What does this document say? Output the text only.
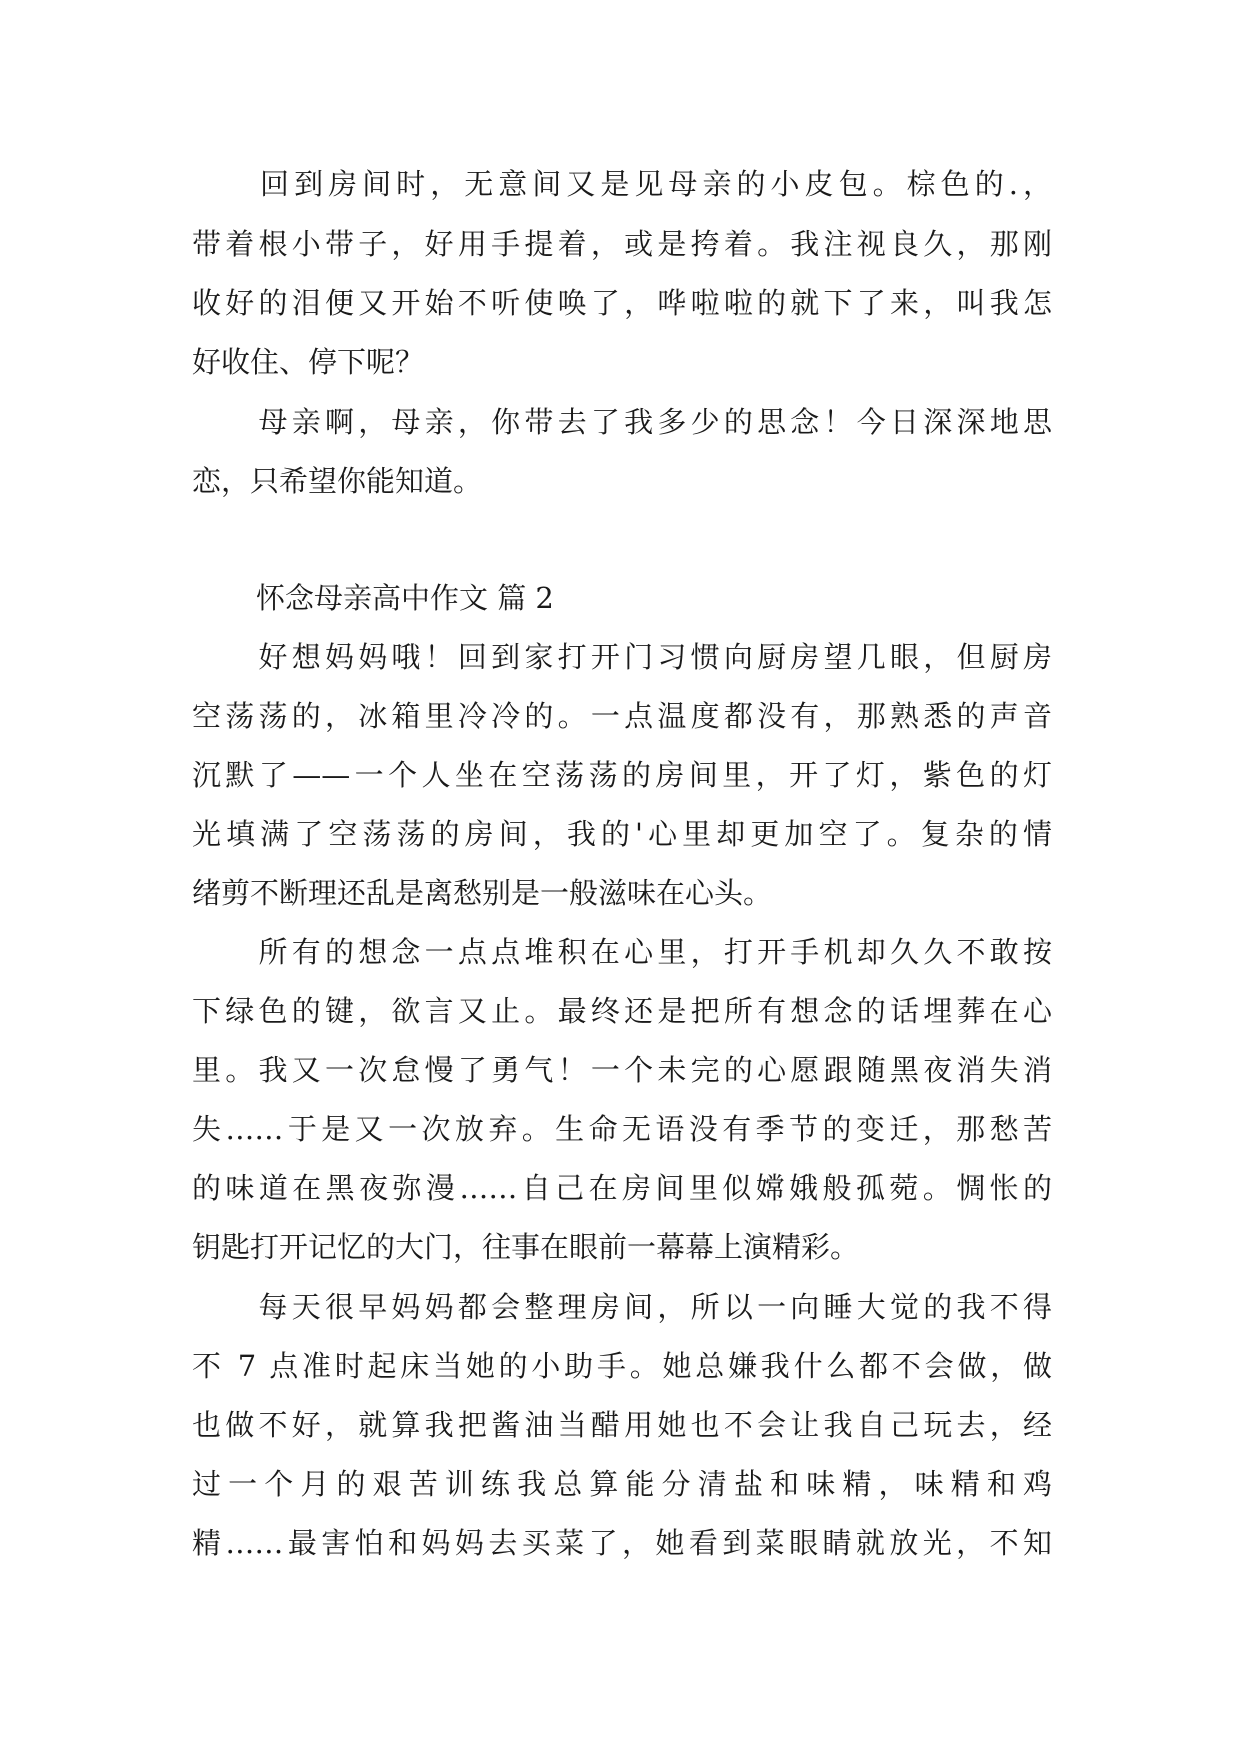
　　回到房间时，无意间又是见母亲的小皮包。棕色的.，
带着根小带子，好用手提着，或是挎着。我注视良久，那刚
收好的泪便又开始不听使唤了，哗啦啦的就下了来，叫我怎
好收住、停下呢？
　　母亲啊，母亲，你带去了我多少的思念！今日深深地思
恋，只希望你能知道。
怀念母亲高中作文 篇 2
　　好想妈妈哦！回到家打开门习惯向厨房望几眼，但厨房
空荡荡的，冰箱里冷冷的。一点温度都没有，那熟悉的声音
沉默了——一个人坐在空荡荡的房间里，开了灯，紫色的灯
光填满了空荡荡的房间，我的'心里却更加空了。复杂的情
绪剪不断理还乱是离愁别是一般滋味在心头。
　　所有的想念一点点堆积在心里，打开手机却久久不敢按
下绿色的键，欲言又止。最终还是把所有想念的话埋葬在心
里。我又一次怠慢了勇气！一个未完的心愿跟随黑夜消失消
失……于是又一次放弃。生命无语没有季节的变迁，那愁苦
的味道在黑夜弥漫……自己在房间里似嫦娥般孤菀。惆怅的
钥匙打开记忆的大门，往事在眼前一幕幕上演精彩。
　　每天很早妈妈都会整理房间，所以一向睡大觉的我不得
不 7 点准时起床当她的小助手。她总嫌我什么都不会做，做
也做不好，就算我把酱油当醋用她也不会让我自己玩去，经
过一个月的艰苦训练我总算能分清盐和味精，味精和鸡
精……最害怕和妈妈去买菜了，她看到菜眼睛就放光，不知
